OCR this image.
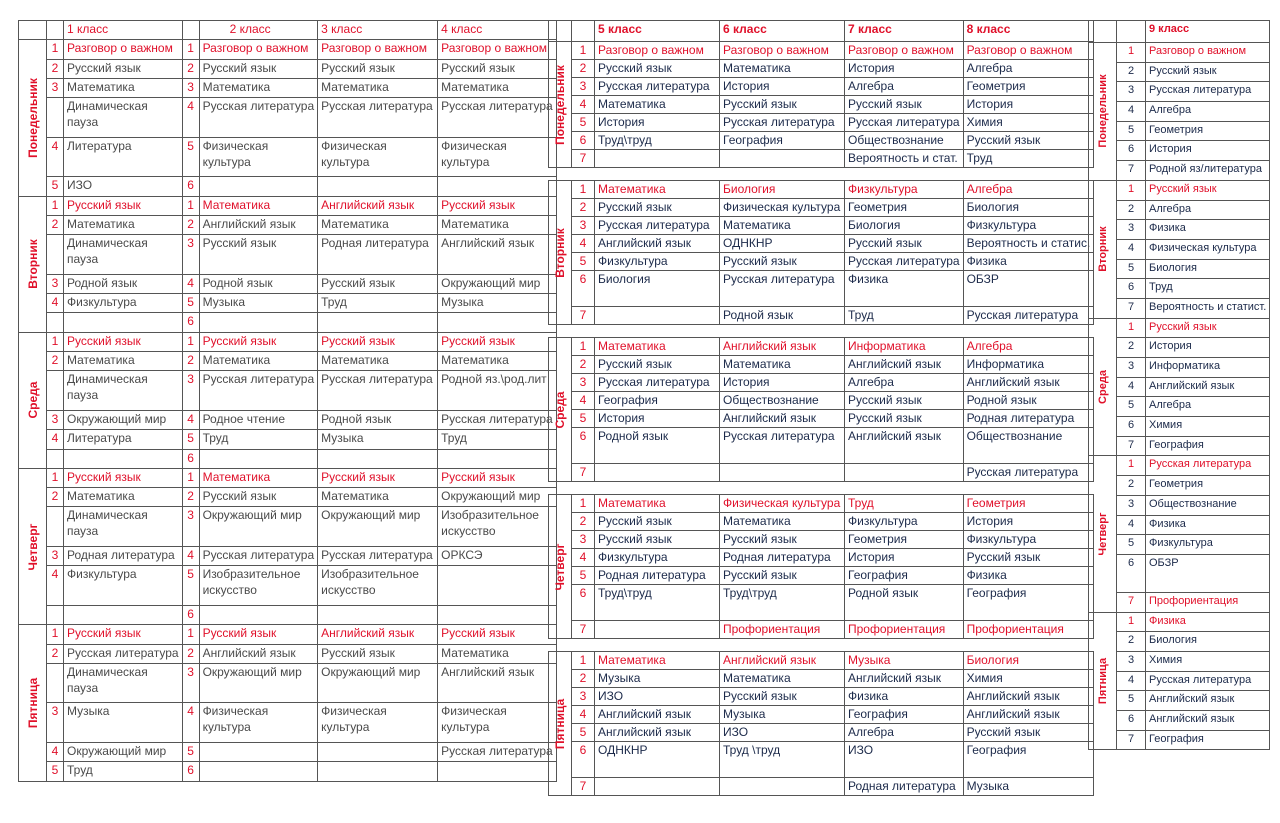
		1 класс		2 класс	3 класс	4 класс

Понедельник	1	Разговор о важном	1	Разговор о важном	Разговор о важном	Разговор о важном
	2	Русский язык	2	Русский язык	Русский язык	Русский язык
	3	Математика	3	Математика	Математика	Математика
		Динамическая пауза	4	Русская литература	Русская литература	Русская литература
	4	Литература	5	Физическая культура	Физическая культура	Физическая культура
	5	ИЗО	6			

Вторник	1	Русский язык	1	Математика	Английский язык	Русский язык
	2	Математика	2	Английский язык	Математика	Математика
		Динамическая пауза	3	Русский язык	Родная литература	Английский язык
	3	Родной язык	4	Родной язык	Русский язык	Окружающий мир
	4	Физкультура	5	Музыка	Труд	Музыка
			6			

Среда	1	Русский язык	1	Русский язык	Русский язык	Русский язык
	2	Математика	2	Математика	Математика	Математика
		Динамическая пауза	3	Русская литература	Русская литература	Родной яз.\род.лит
	3	Окружающий мир	4	Родное чтение	Родной язык	Русская литература
	4	Литература	5	Труд	Музыка	Труд
			6			

Четверг	1	Русский язык	1	Математика	Русский язык	Русский язык
	2	Математика	2	Русский язык	Математика	Окружающий мир
		Динамическая пауза	3	Окружающий мир	Окружающий мир	Изобразительное искусство
	3	Родная литература	4	Русская литература	Русская литература	ОРКСЭ
	4	Физкультура	5	Изобразительное искусство	Изобразительное искусство	
			6			

Пятница	1	Русский язык	1	Русский язык	Английский язык	Русский язык
	2	Русская литература	2	Английский язык	Русский язык	Математика
		Динамическая пауза	3	Окружающий мир	Окружающий мир	Английский язык
	3	Музыка	4	Физическая культура	Физическая культура	Физическая культура
	4	Окружающий мир	5			Русская литература
	5	Труд	6			
		5 класс	6 класс	7 класс	8 класс

Понедельник	1	Разговор о важном	Разговор о важном	Разговор о важном	Разговор о важном
	2	Русский язык	Математика	История	Алгебра
	3	Русская литература	История	Алгебра	Геометрия
	4	Математика	Русский язык	Русский язык	История
	5	История	Русская литература	Русская литература	Химия
	6	Труд\труд	География	Обществознание	Русский язык
	7			Вероятность и стат.	Труд

Вторник	1	Математика	Биология	Физкультура	Алгебра
	2	Русский язык	Физическая культура	Геометрия	Биология
	3	Русская литература	Математика	Биология	Физкультура
	4	Английский язык	ОДНКНР	Русский язык	Вероятность и статис.
	5	Физкультура	Русский язык	Русская литература	Физика
	6	Биология	Русская литература	Физика	ОБЗР
	7		Родной язык	Труд	Русская литература

Среда	1	Математика	Английский язык	Информатика	Алгебра
	2	Русский язык	Математика	Английский язык	Информатика
	3	Русская литература	История	Алгебра	Английский язык
	4	География	Обществознание	Русский язык	Родной язык
	5	История	Английский язык	Русский язык	Родная литература
	6	Родной язык	Русская литература	Английский язык	Обществознание
	7				Русская литература

Четверг	1	Математика	Физическая культура	Труд	Геометрия
	2	Русский язык	Математика	Физкультура	История
	3	Русский язык	Русский язык	Геометрия	Физкультура
	4	Физкультура	Родная литература	История	Русский язык
	5	Родная литература	Русский язык	География	Физика
	6	Труд\труд	Труд\труд	Родной язык	География
	7		Профориентация	Профориентация	Профориентация

Пятница	1	Математика	Английский язык	Музыка	Биология
	2	Музыка	Математика	Английский язык	Химия
	3	ИЗО	Русский язык	Физика	Английский язык
	4	Английский язык	Музыка	География	Английский язык
	5	Английский язык	ИЗО	Алгебра	Русский язык
	6	ОДНКНР	Труд \труд	ИЗО	География
	7			Родная литература	Музыка
		9 класс

Понедельник	1	Разговор о важном
	2	Русский язык
	3	Русская литература
	4	Алгебра
	5	Геометрия
	6	История
	7	Родной яз/литература

Вторник	1	Русский язык
	2	Алгебра
	3	Физика
	4	Физическая культура
	5	Биология
	6	Труд
	7	Вероятность и статист.

Среда	1	Русский язык
	2	История
	3	Информатика
	4	Английский язык
	5	Алгебра
	6	Химия
	7	География

Четверг	1	Русская литература
	2	Геометрия
	3	Обществознание
	4	Физика
	5	Физкультура
	6	ОБЗР
	7	Профориентация

Пятница	1	Физика
	2	Биология
	3	Химия
	4	Русская литература
	5	Английский язык
	6	Английский язык
	7	География
